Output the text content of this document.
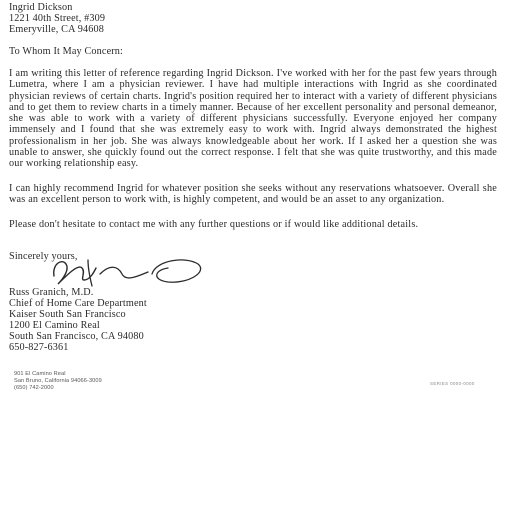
Ingrid Dickson
1221 40th Street, #309
Emeryville, CA 94608
To Whom It May Concern:
I am writing this letter of reference regarding Ingrid Dickson. I've worked with her for the past few years through Lumetra, where I am a physician reviewer. I have had multiple interactions with Ingrid as she coordinated physician reviews of certain charts. Ingrid's position required her to interact with a variety of different physicians and to get them to review charts in a timely manner. Because of her excellent personality and personal demeanor, she was able to work with a variety of different physicians successfully. Everyone enjoyed her company immensely and I found that she was extremely easy to work with. Ingrid always demonstrated the highest professionalism in her job. She was always knowledgeable about her work. If I asked her a question she was unable to answer, she quickly found out the correct response. I felt that she was quite trustworthy, and this made our working relationship easy.
I can highly recommend Ingrid for whatever position she seeks without any reservations whatsoever. Overall she was an excellent person to work with, is highly competent, and would be an asset to any organization.
Please don't hesitate to contact me with any further questions or if would like additional details.
Sincerely yours,
Russ Granich, M.D.
Chief of Home Care Department
Kaiser South San Francisco
1200 El Camino Real
South San Francisco, CA 94080
650-827-6361
901 El Camino Real
San Bruno, California 94066-3009
(650) 742-2000
SERIES 0000-0000
